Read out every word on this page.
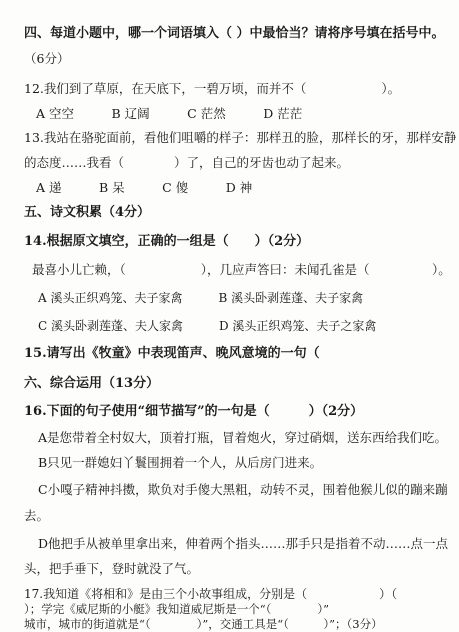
四、每道小题中，哪一个词语填入（ ）中最恰当？请将序号填在括号中。
（6分）
12.我们到了草原，在天底下，一碧万顷，而并不（　　　　　　）。
A 空空　　　B 辽阔　　　C 茫然　　　D 茫茫
13.我站在骆驼面前，看他们咀嚼的样子：那样丑的脸，那样长的牙，那样安静
的态度……我看（　　　　）了，自己的牙齿也动了起来。
A 递　　　B 呆　　　C 傻　　　D 神
五、诗文积累（4分）
14.根据原文填空，正确的一组是（　　）（2分）
最喜小儿亡赖，（　　　　　　），几应声答曰：未闻孔雀是（　　　　　）。
A 溪头正织鸡笼、夫子家禽　　　B 溪头卧剥莲蓬、夫子家禽
C 溪头卧剥莲蓬、夫人家禽　　　D 溪头正织鸡笼、夫子之家禽
15.请写出《牧童》中表现笛声、晚风意境的一句（
六、综合运用（13分）
16.下面的句子使用“细节描写”的一句是（　　　）（2分）
A是您带着全村奴大，顶着打瓶，冒着炮火，穿过硝烟，送东西给我们吃。
B只见一群媳妇丫鬟围拥着一个人，从后房门进来。
C小嘎子精神抖擞，欺负对手傻大黑粗，动转不灵，围着他猴儿似的蹦来蹦
去。
D他把手从被单里拿出来，伸着两个指头……那手只是指着不动……点一点
头，把手垂下，登时就没了气。
17.我知道《将相和》是由三个小故事组成，分别是（　　　　　　）（
）；学完《威尼斯的小艇》我知道威尼斯是一个“（　　　　）”
城市，城市的街道就是“（　　　　）”，交通工具是“（　　　）”；（3分）
